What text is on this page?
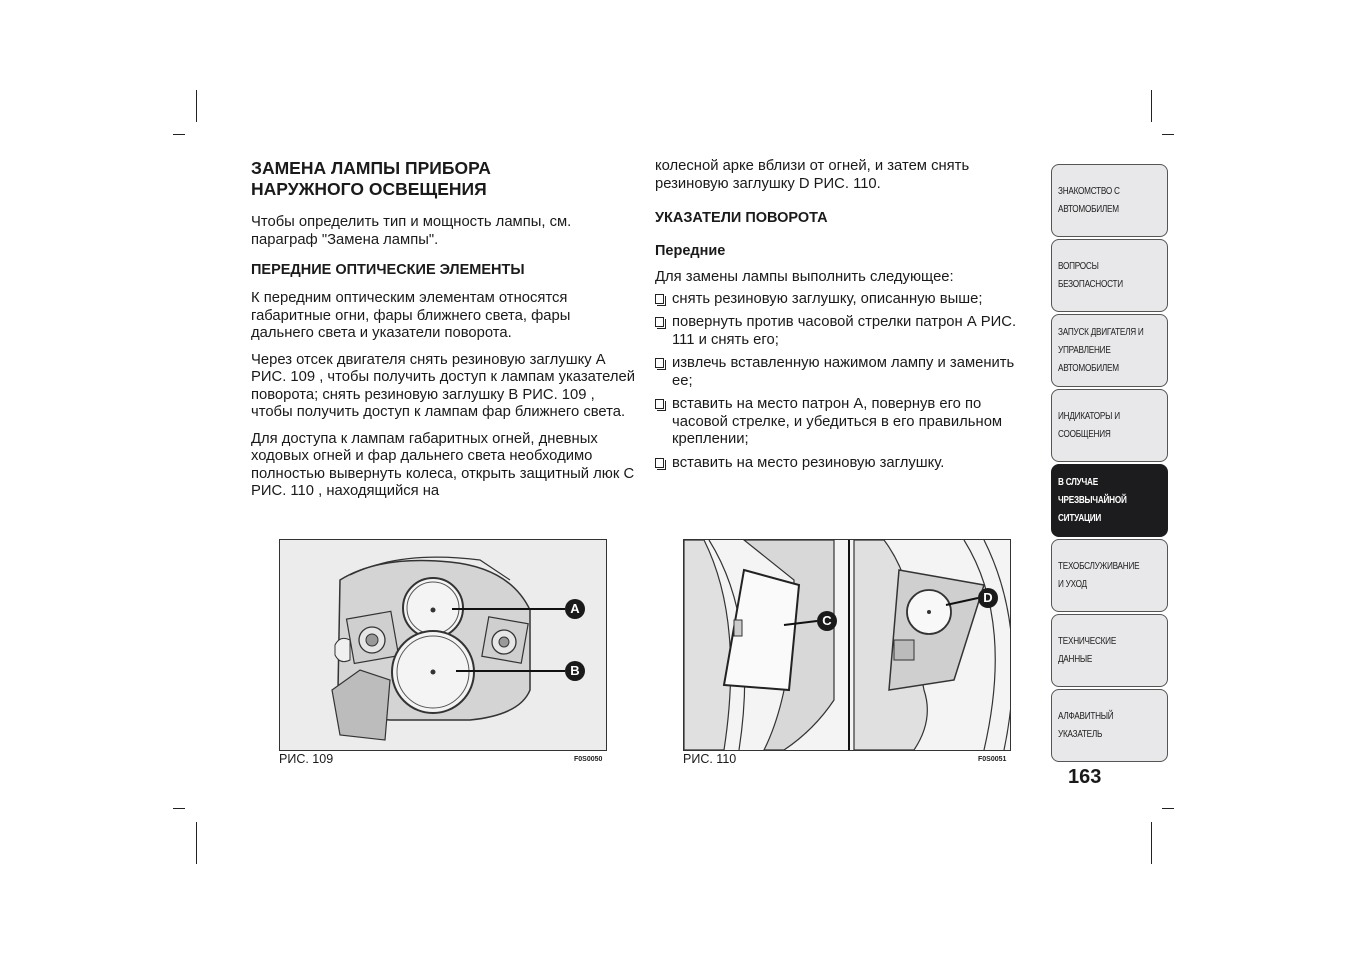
ЗАМЕНА ЛАМПЫ ПРИБОРА
НАРУЖНОГО ОСВЕЩЕНИЯ

Чтобы определить тип и мощность лампы, см. параграф "Замена лампы".

ПЕРЕДНИЕ ОПТИЧЕСКИЕ ЭЛЕМЕНТЫ

К передним оптическим элементам относятся габаритные огни, фары ближнего света, фары дальнего света и указатели поворота.

Через отсек двигателя снять резиновую заглушку А РИС. 109 , чтобы получить доступ к лампам указателей поворота; снять резиновую заглушку В РИС. 109 , чтобы получить доступ к лампам фар ближнего света.

Для доступа к лампам габаритных огней, дневных ходовых огней и фар дальнего света необходимо полностью вывернуть колеса, открыть защитный люк С РИС. 110 , находящийся на

колесной арке вблизи от огней, и затем снять резиновую заглушку D РИС. 110.

УКАЗАТЕЛИ ПОВОРОТА
Передние

Для замены лампы выполнить следующее:

снять резиновую заглушку, описанную выше;
повернуть против часовой стрелки патрон А РИС. 111 и снять его;
извлечь вставленную нажимом лампу и заменить ее;
вставить на место патрон А, повернув его по часовой стрелке, и убедиться в его правильном креплении;
вставить на место резиновую заглушку.
A
B
РИС. 109	F0S0050
C
D
РИС. 110	F0S0051
ЗНАКОМСТВО С
АВТОМОБИЛЕМ
ВОПРОСЫ
БЕЗОПАСНОСТИ
ЗАПУСК ДВИГАТЕЛЯ И
УПРАВЛЕНИЕ
АВТОМОБИЛЕМ
ИНДИКАТОРЫ И
СООБЩЕНИЯ
В СЛУЧАЕ
ЧРЕЗВЫЧАЙНОЙ
СИТУАЦИИ
ТЕХОБСЛУЖИВАНИЕ
И УХОД
ТЕХНИЧЕСКИЕ
ДАННЫЕ
АЛФАВИТНЫЙ
УКАЗАТЕЛЬ
163
